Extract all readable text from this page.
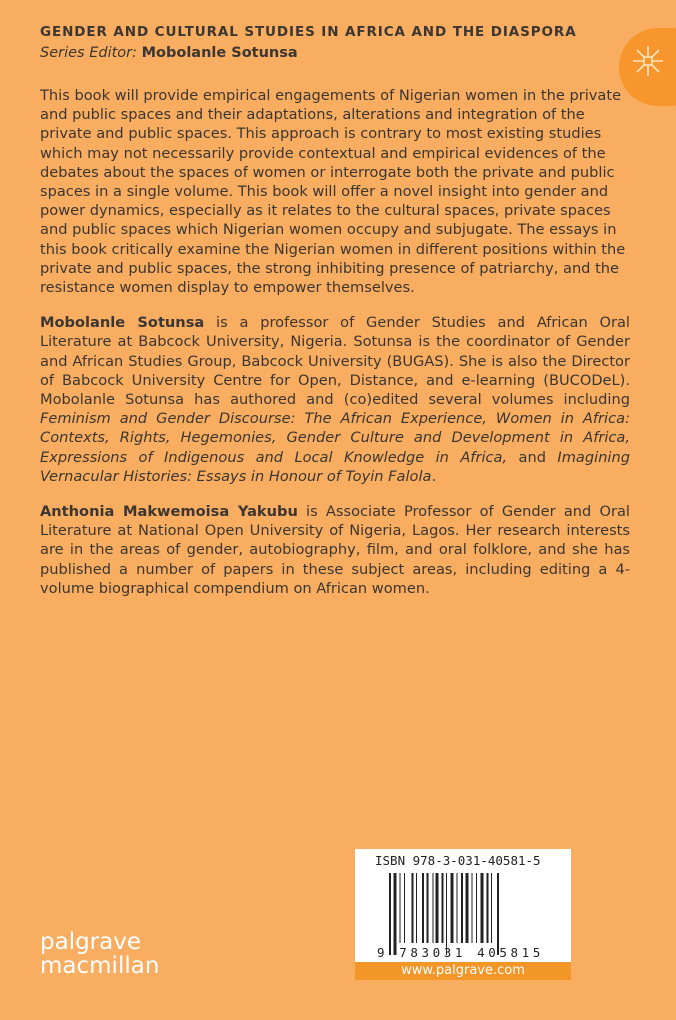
GENDER AND CULTURAL STUDIES IN AFRICA AND THE DIASPORA
Series Editor: Mobolanle Sotunsa

This book will provide empirical engagements of Nigerian women in the private and public spaces and their adaptations, alterations and integration of the private and public spaces. This approach is contrary to most existing studies which may not necessarily provide contextual and empirical evidences of the debates about the spaces of women or interrogate both the private and public spaces in a single volume. This book will offer a novel insight into gender and power dynamics, especially as it relates to the cultural spaces, private spaces and public spaces which Nigerian women occupy and subjugate. The essays in this book critically examine the Nigerian women in different positions within the private and public spaces, the strong inhibiting presence of patriarchy, and the resistance women display to empower themselves.

Mobolanle Sotunsa is a professor of Gender Studies and African Oral Literature at Babcock University, Nigeria. Sotunsa is the coordinator of Gender and African Studies Group, Babcock University (BUGAS). She is also the Director of Babcock University Centre for Open, Distance, and e-learning (BUCODeL). Mobolanle Sotunsa has authored and (co)edited several volumes including Feminism and Gender Discourse: The African Experience, Women in Africa: Contexts, Rights, Hegemonies, Gender Culture and Development in Africa, Expressions of Indigenous and Local Knowledge in Africa, and Imagining Vernacular Histories: Essays in Honour of Toyin Falola.

Anthonia Makwemoisa Yakubu is Associate Professor of Gender and Oral Literature at National Open University of Nigeria, Lagos. Her research interests are in the areas of gender, autobiography, film, and oral folklore, and she has published a number of papers in these subject areas, including editing a 4-volume biographical compendium on African women.

ISBN 978-3-031-40581-5
9 783031 405815
www.palgrave.com
palgrave
macmillan
